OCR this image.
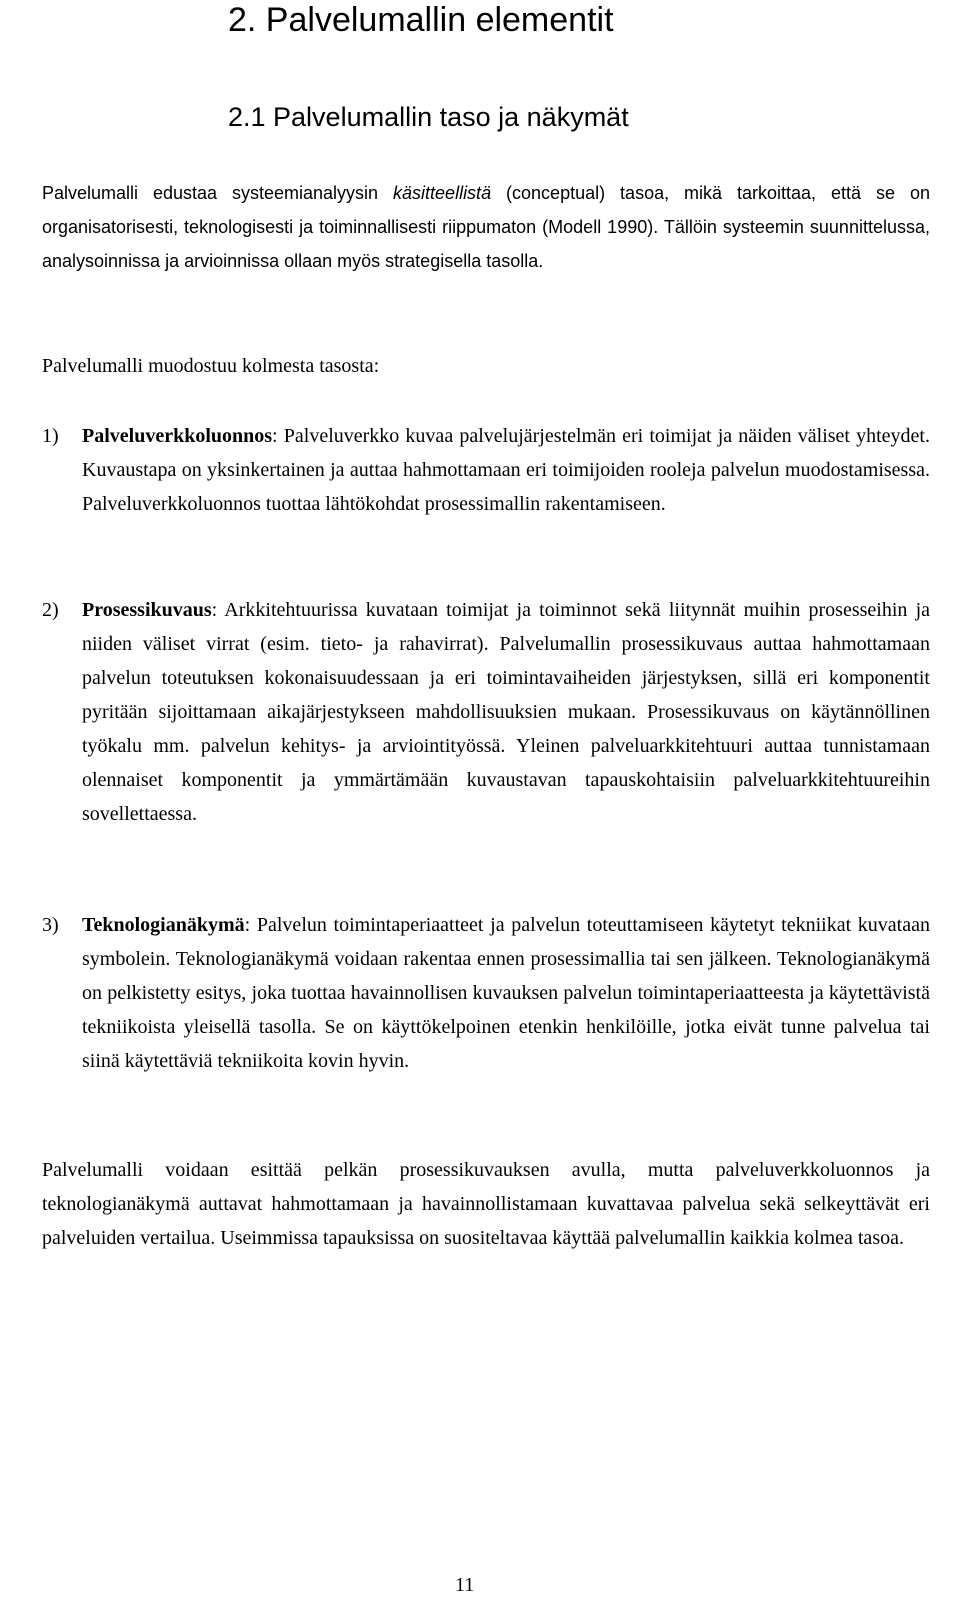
2. Palvelumallin elementit
2.1 Palvelumallin taso ja näkymät

Palvelumalli edustaa systeemianalyysin käsitteellistä (conceptual) tasoa, mikä tarkoittaa, että se on organisatorisesti, teknologisesti ja toiminnallisesti riippumaton (Modell 1990). Tällöin systeemin suunnittelussa, analysoinnissa ja arvioinnissa ollaan myös strategisella tasolla.

Palvelumalli muodostuu kolmesta tasosta:

1)	Palveluverkkoluonnos: Palveluverkko kuvaa palvelujärjestelmän eri toimijat ja näiden väliset yhteydet. Kuvaustapa on yksinkertainen ja auttaa hahmottamaan eri toimijoiden rooleja palvelun muodostamisessa. Palveluverkkoluonnos tuottaa lähtökohdat prosessimallin rakentamiseen.
2)	Prosessikuvaus: Arkkitehtuurissa kuvataan toimijat ja toiminnot sekä liitynnät muihin prosesseihin ja niiden väliset virrat (esim. tieto- ja rahavirrat). Palvelumallin prosessikuvaus auttaa hahmottamaan palvelun toteutuksen kokonaisuudessaan ja eri toimintavaiheiden järjestyksen, sillä eri komponentit pyritään sijoittamaan aikajärjestykseen mahdollisuuksien mukaan. Prosessikuvaus on käytännöllinen työkalu mm. palvelun kehitys- ja arviointityössä. Yleinen palveluarkkitehtuuri auttaa tunnistamaan olennaiset komponentit ja ymmärtämään kuvaustavan tapauskohtaisiin palveluarkkitehtuureihin sovellettaessa.
3)	Teknologianäkymä: Palvelun toimintaperiaatteet ja palvelun toteuttamiseen käytetyt tekniikat kuvataan symbolein. Teknologianäkymä voidaan rakentaa ennen prosessimallia tai sen jälkeen. Teknologianäkymä on pelkistetty esitys, joka tuottaa havainnollisen kuvauksen palvelun toimintaperiaatteesta ja käytettävistä tekniikoista yleisellä tasolla. Se on käyttökelpoinen etenkin henkilöille, jotka eivät tunne palvelua tai siinä käytettäviä tekniikoita kovin hyvin.

Palvelumalli voidaan esittää pelkän prosessikuvauksen avulla, mutta palveluverkkoluonnos ja teknologianäkymä auttavat hahmottamaan ja havainnollistamaan kuvattavaa palvelua sekä selkeyttävät eri palveluiden vertailua. Useimmissa tapauksissa on suositeltavaa käyttää palvelumallin kaikkia kolmea tasoa.

11
